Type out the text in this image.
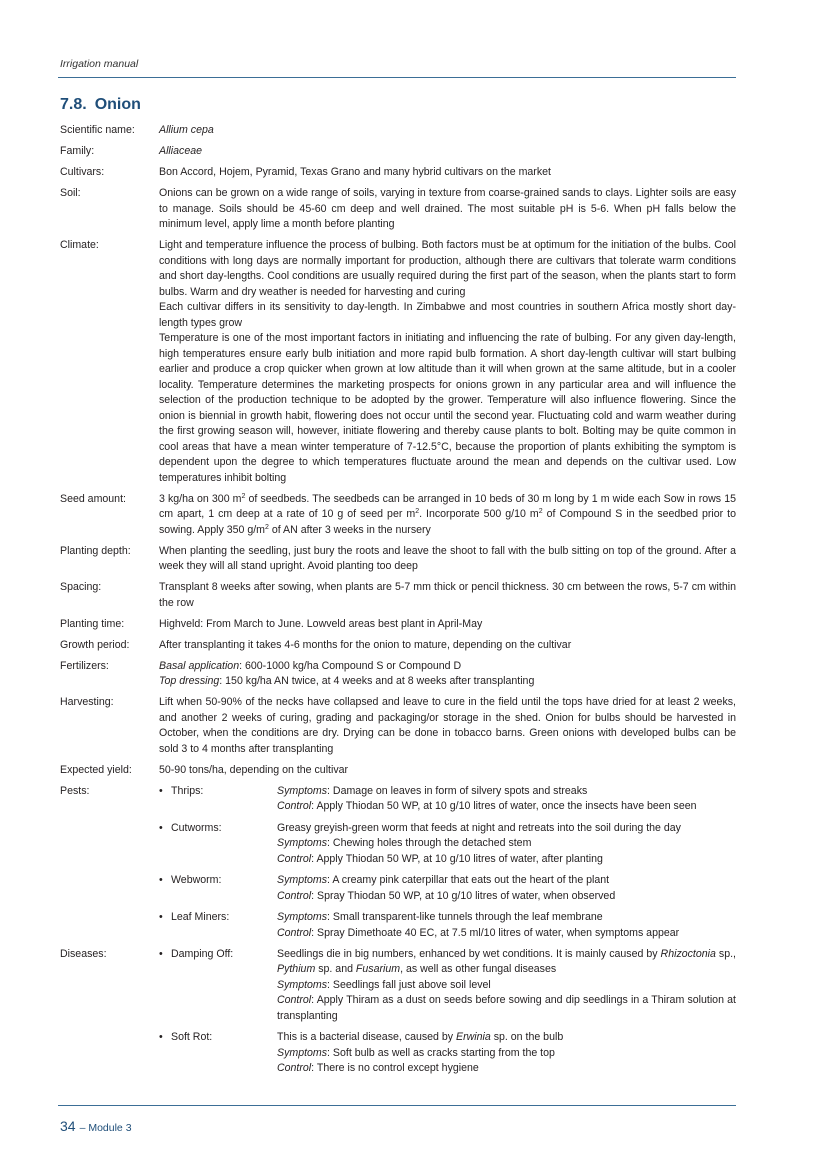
Irrigation manual
7.8. Onion
Scientific name:	Allium cepa
Family:	Alliaceae
Cultivars:	Bon Accord, Hojem, Pyramid, Texas Grano and many hybrid cultivars on the market
Soil:	Onions can be grown on a wide range of soils, varying in texture from coarse-grained sands to clays. Lighter soils are easy to manage. Soils should be 45-60 cm deep and well drained. The most suitable pH is 5-6. When pH falls below the minimum level, apply lime a month before planting
Climate:	Light and temperature influence the process of bulbing. Both factors must be at optimum for the initiation of the bulbs. Cool conditions with long days are normally important for production, although there are cultivars that tolerate warm conditions and short day-lengths. Cool conditions are usually required during the first part of the season, when the plants start to form bulbs. Warm and dry weather is needed for harvesting and curing

Each cultivar differs in its sensitivity to day-length. In Zimbabwe and most countries in southern Africa mostly short day-length types grow

Temperature is one of the most important factors in initiating and influencing the rate of bulbing. For any given day-length, high temperatures ensure early bulb initiation and more rapid bulb formation. A short day-length cultivar will start bulbing earlier and produce a crop quicker when grown at low altitude than it will when grown at the same altitude, but in a cooler locality. Temperature determines the marketing prospects for onions grown in any particular area and will influence the selection of the production technique to be adopted by the grower. Temperature will also influence flowering. Since the onion is biennial in growth habit, flowering does not occur until the second year. Fluctuating cold and warm weather during the first growing season will, however, initiate flowering and thereby cause plants to bolt. Bolting may be quite common in cool areas that have a mean winter temperature of 7-12.5°C, because the proportion of plants exhibiting the symptom is dependent upon the degree to which temperatures fluctuate around the mean and depends on the cultivar used. Low temperatures inhibit bolting

Seed amount:	3 kg/ha on 300 $m^2$ of seedbeds. The seedbeds can be arranged in 10 beds of 30 m long by 1 m wide each Sow in rows 15 cm apart, 1 cm deep at a rate of 10 g of seed per $m^2$. Incorporate 500 g/10 $m^2$ of Compound S in the seedbed prior to sowing. Apply 350 $g/m^2$ of AN after 3 weeks in the nursery
Planting depth:	When planting the seedling, just bury the roots and leave the shoot to fall with the bulb sitting on top of the ground. After a week they will all stand upright. Avoid planting too deep
Spacing:	Transplant 8 weeks after sowing, when plants are 5-7 mm thick or pencil thickness. 30 cm between the rows, 5-7 cm within the row
Planting time:	Highveld: From March to June. Lowveld areas best plant in April-May
Growth period:	After transplanting it takes 4-6 months for the onion to mature, depending on the cultivar
Fertilizers:	Basal application: 600-1000 kg/ha Compound S or Compound D

Top dressing: 150 kg/ha AN twice, at 4 weeks and at 8 weeks after transplanting

Harvesting:	Lift when 50-90% of the necks have collapsed and leave to cure in the field until the tops have dried for at least 2 weeks, and another 2 weeks of curing, grading and packaging/or storage in the shed. Onion for bulbs should be harvested in October, when the conditions are dry. Drying can be done in tobacco barns. Green onions with developed bulbs can be sold 3 to 4 months after transplanting
Expected yield:	50-90 tons/ha, depending on the cultivar
Pests:	• Thrips:	Symptoms: Damage on leaves in form of silvery spots and streaks

Control: Apply Thiodan 50 WP, at 10 g/10 litres of water, once the insects have been seen

• Cutworms:	Greasy greyish-green worm that feeds at night and retreats into the soil during the day

Symptoms: Chewing holes through the detached stem

Control: Apply Thiodan 50 WP, at 10 g/10 litres of water, after planting

• Webworm:	Symptoms: A creamy pink caterpillar that eats out the heart of the plant

Control: Spray Thiodan 50 WP, at 10 g/10 litres of water, when observed

• Leaf Miners:	Symptoms: Small transparent-like tunnels through the leaf membrane

Control: Spray Dimethoate 40 EC, at 7.5 ml/10 litres of water, when symptoms appear

Diseases:	• Damping Off:	Seedlings die in big numbers, enhanced by wet conditions. It is mainly caused by Rhizoctonia sp., Pythium sp. and Fusarium, as well as other fungal diseases

Symptoms: Seedlings fall just above soil level

Control: Apply Thiram as a dust on seeds before sowing and dip seedlings in a Thiram solution at transplanting

• Soft Rot:	This is a bacterial disease, caused by Erwinia sp. on the bulb

Symptoms: Soft bulb as well as cracks starting from the top

Control: There is no control except hygiene

34 – Module 3
